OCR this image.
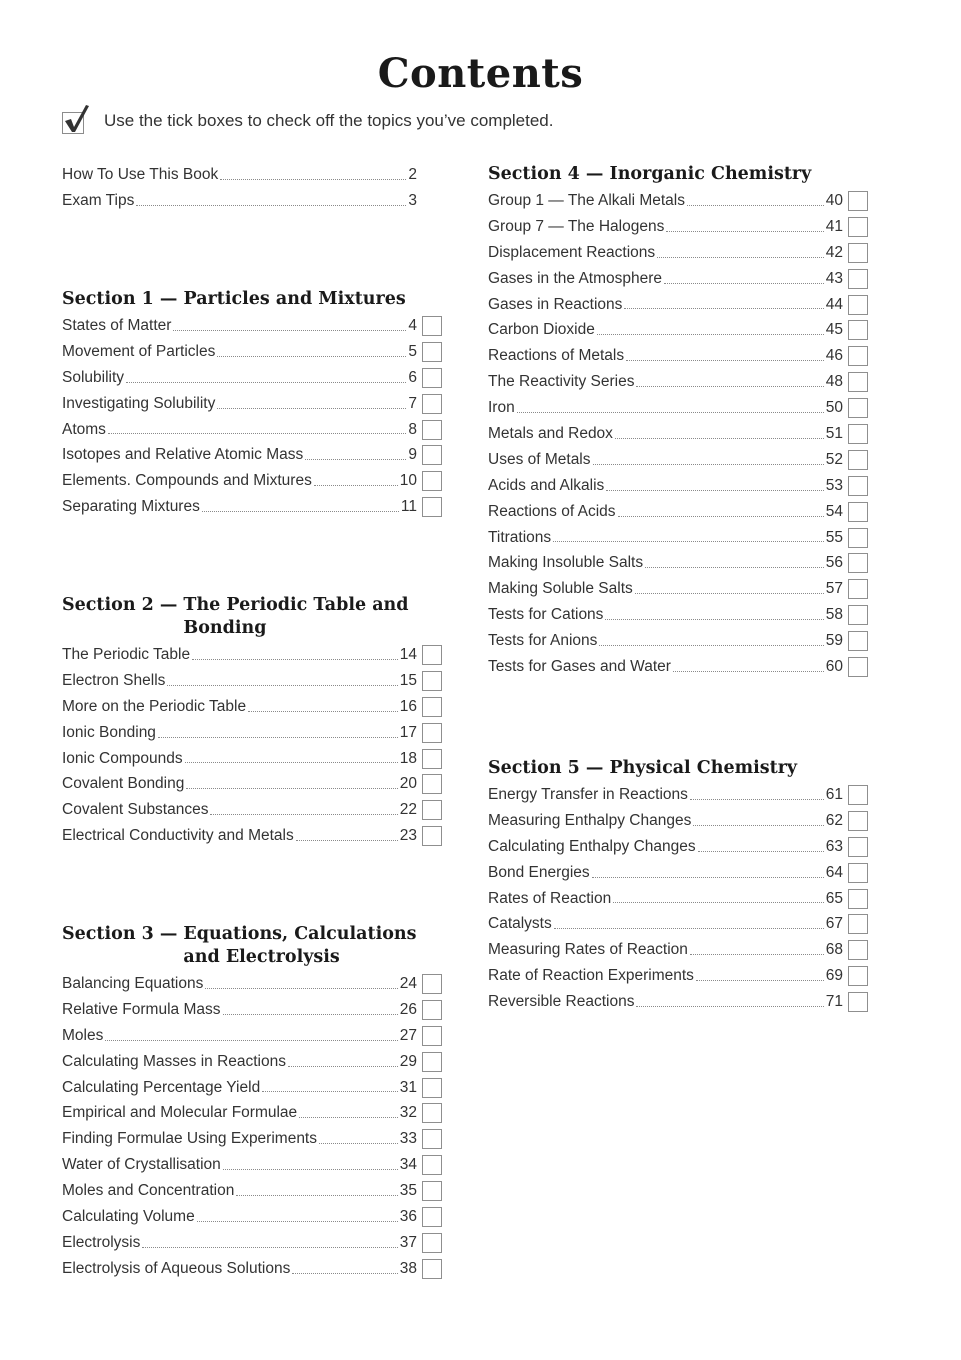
Contents
Use the tick boxes to check off the topics you’ve completed.
How To Use This Book	2
Exam Tips	3
Section 1 — Particles and Mixtures
States of Matter	4
Movement of Particles	5
Solubility	6
Investigating Solubility	7
Atoms	8
Isotopes and Relative Atomic Mass	9
Elements. Compounds and Mixtures	10
Separating Mixtures	11
Section 2 — The Periodic Table and Bonding
The Periodic Table	14
Electron Shells	15
More on the Periodic Table	16
Ionic Bonding	17
Ionic Compounds	18
Covalent Bonding	20
Covalent Substances	22
Electrical Conductivity and Metals	23
Section 3 — Equations, Calculations and Electrolysis
Balancing Equations	24
Relative Formula Mass	26
Moles	27
Calculating Masses in Reactions	29
Calculating Percentage Yield	31
Empirical and Molecular Formulae	32
Finding Formulae Using Experiments	33
Water of Crystallisation	34
Moles and Concentration	35
Calculating Volume	36
Electrolysis	37
Electrolysis of Aqueous Solutions	38
Section 4 — Inorganic Chemistry
Group 1 — The Alkali Metals	40
Group 7 — The Halogens	41
Displacement Reactions	42
Gases in the Atmosphere	43
Gases in Reactions	44
Carbon Dioxide	45
Reactions of Metals	46
The Reactivity Series	48
Iron	50
Metals and Redox	51
Uses of Metals	52
Acids and Alkalis	53
Reactions of Acids	54
Titrations	55
Making Insoluble Salts	56
Making Soluble Salts	57
Tests for Cations	58
Tests for Anions	59
Tests for Gases and Water	60
Section 5 — Physical Chemistry
Energy Transfer in Reactions	61
Measuring Enthalpy Changes	62
Calculating Enthalpy Changes	63
Bond Energies	64
Rates of Reaction	65
Catalysts	67
Measuring Rates of Reaction	68
Rate of Reaction Experiments	69
Reversible Reactions	71
